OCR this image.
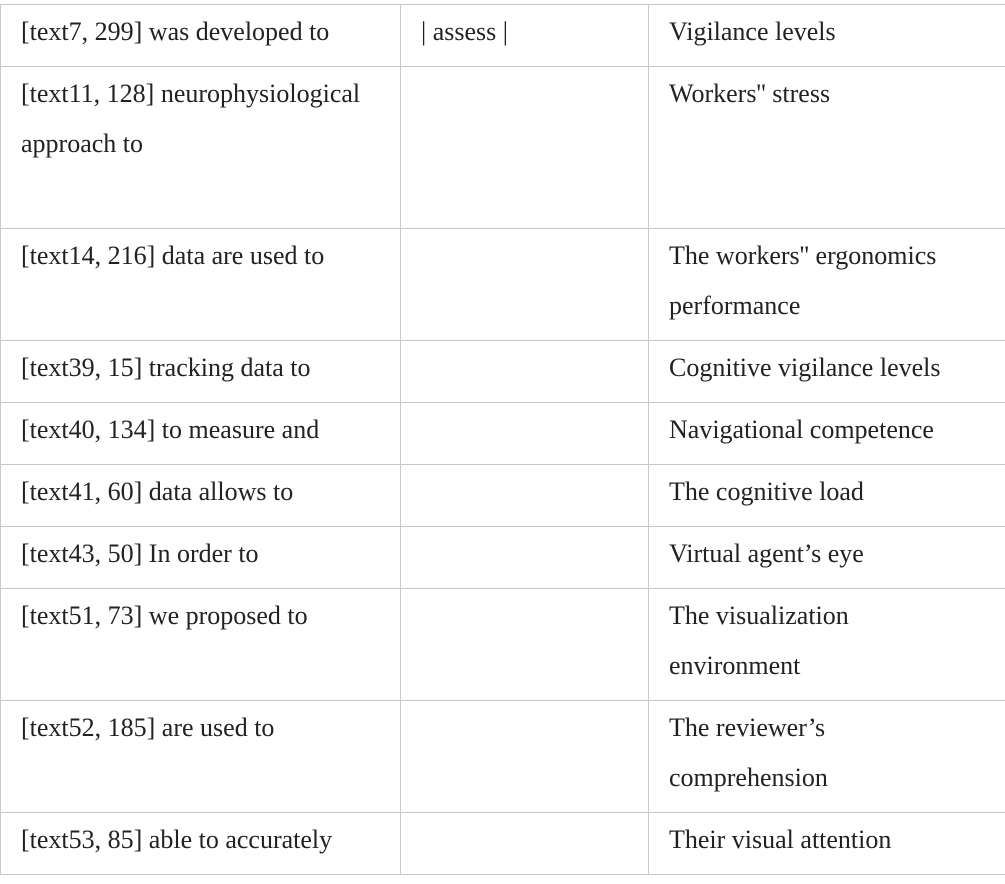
[text7, 299] was developed to	| assess |	Vigilance levels

[text11, 128] neurophysiological approach to		Workers'' stress

[text14, 216] data are used to		The workers'' ergonomics performance

[text39, 15] tracking data to		Cognitive vigilance levels

[text40, 134] to measure and		Navigational competence

[text41, 60] data allows to		The cognitive load

[text43, 50] In order to		Virtual agent’s eye

[text51, 73] we proposed to		The visualization environment

[text52, 185] are used to		The reviewer’s comprehension

[text53, 85] able to accurately		Their visual attention
